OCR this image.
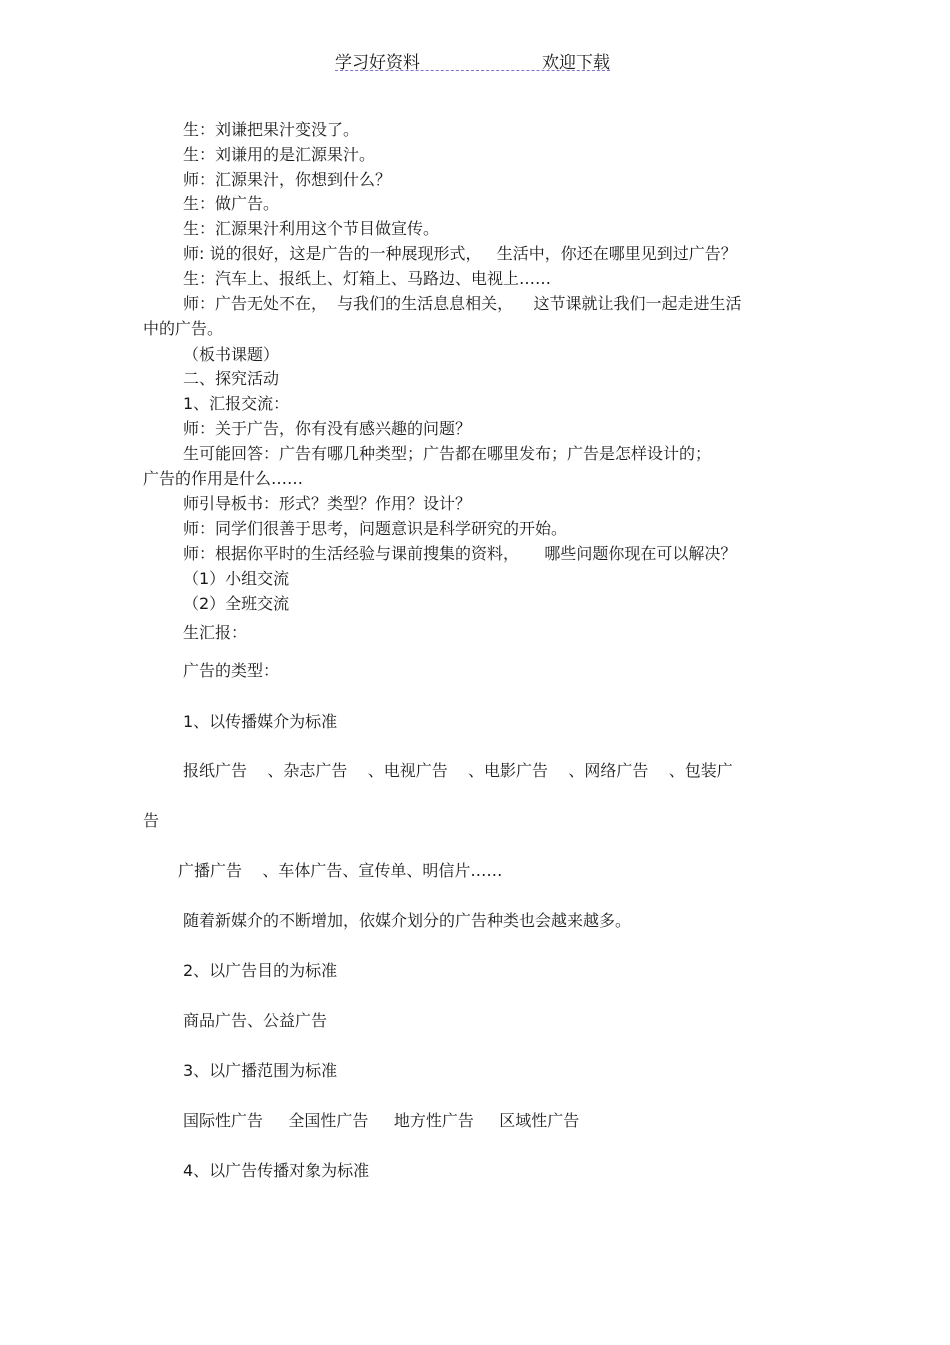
学习好资料	欢迎下载
生：刘谦把果汁变没了。
生：刘谦用的是汇源果汁。
师：汇源果汁，你想到什么？
生：做广告。
生：汇源果汁利用这个节目做宣传。
师: 说的很好，这是广告的一种展现形式，   生活中，你还在哪里见到过广告？
生：汽车上、报纸上、灯箱上、马路边、电视上……
师：广告无处不在，  与我们的生活息息相关，    这节课就让我们一起走进生活
中的广告。
（板书课题）
二、探究活动
1、汇报交流：
师：关于广告，你有没有感兴趣的问题？
生可能回答：广告有哪几种类型；广告都在哪里发布；广告是怎样设计的；
广告的作用是什么……
师引导板书：形式？类型？作用？设计？
师：同学们很善于思考，问题意识是科学研究的开始。
师：根据你平时的生活经验与课前搜集的资料，     哪些问题你现在可以解决？
（1）小组交流
（2）全班交流
生汇报：
广告的类型：
1、以传播媒介为标准
报纸广告    、杂志广告    、电视广告    、电影广告    、网络广告    、包装广
告
广播广告    、车体广告、宣传单、明信片……
随着新媒介的不断增加，依媒介划分的广告种类也会越来越多。
2、以广告目的为标准
商品广告、公益广告
3、以广播范围为标准
国际性广告     全国性广告     地方性广告     区域性广告
4、以广告传播对象为标准
